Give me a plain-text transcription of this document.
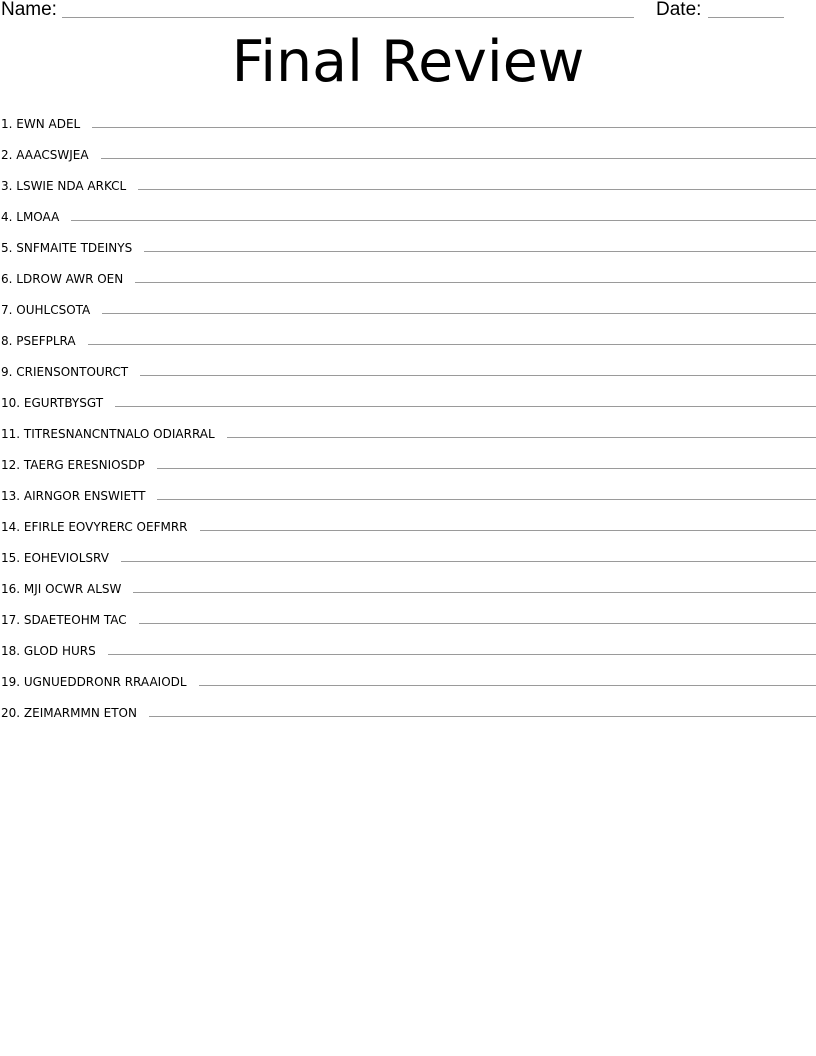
Name:	Date:
Final Review
1. EWN ADEL
2. AAACSWJEA
3. LSWIE NDA ARKCL
4. LMOAA
5. SNFMAITE TDEINYS
6. LDROW AWR OEN
7. OUHLCSOTA
8. PSEFPLRA
9. CRIENSONTOURCT
10. EGURTBYSGT
11. TITRESNANCNTNALO ODIARRAL
12. TAERG ERESNIOSDP
13. AIRNGOR ENSWIETT
14. EFIRLE EOVYRERC OEFMRR
15. EOHEVIOLSRV
16. MJI OCWR ALSW
17. SDAETEOHM TAC
18. GLOD HURS
19. UGNUEDDRONR RRAAIODL
20. ZEIMARMMN ETON
